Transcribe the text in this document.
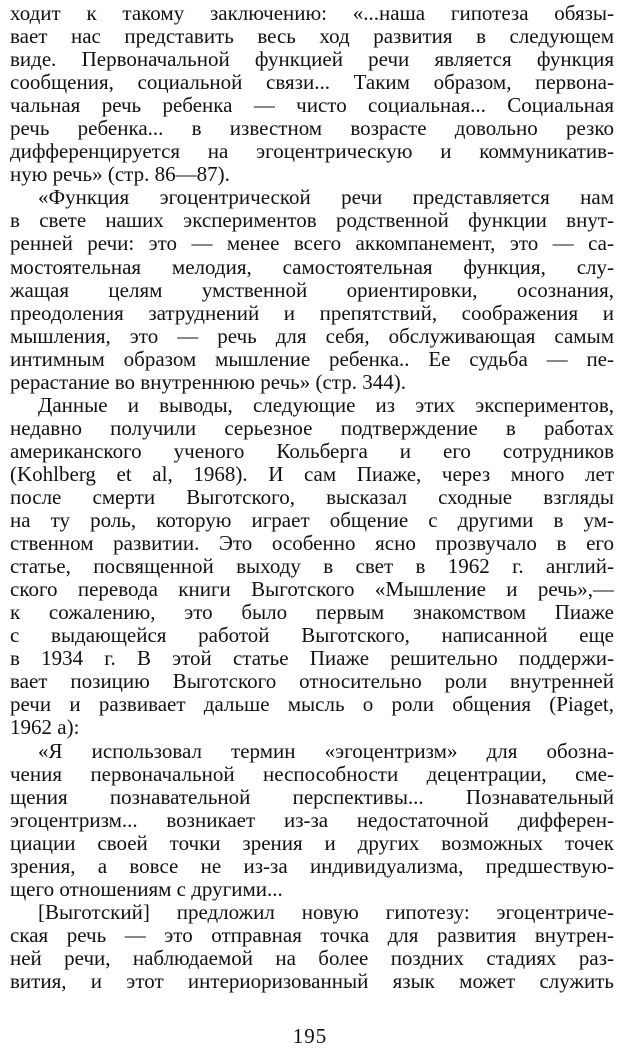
ходит к такому заключению: «...наша гипотеза обязы-
вает нас представить весь ход развития в следующем
виде. Первоначальной функцией речи является функция
сообщения, социальной связи... Таким образом, первона-
чальная речь ребенка — чисто социальная... Социальная
речь ребенка... в известном возрасте довольно резко
дифференцируется на эгоцентрическую и коммуникатив-
ную речь» (стр. 86—87).
«Функция эгоцентрической речи представляется нам
в свете наших экспериментов родственной функции внут-
ренней речи: это — менее всего аккомпанемент, это — са-
мостоятельная мелодия, самостоятельная функция, слу-
жащая целям умственной ориентировки, осознания,
преодоления затруднений и препятствий, соображения и
мышления, это — речь для себя, обслуживающая самым
интимным образом мышление ребенка.. Ее судьба — пе-
рерастание во внутреннюю речь» (стр. 344).
Данные и выводы, следующие из этих экспериментов,
недавно получили серьезное подтверждение в работах
американского ученого Кольберга и его сотрудников
(Kohlberg et al, 1968). И сам Пиаже, через много лет
после смерти Выготского, высказал сходные взгляды
на ту роль, которую играет общение с другими в ум-
ственном развитии. Это особенно ясно прозвучало в его
статье, посвященной выходу в свет в 1962 г. англий-
ского перевода книги Выготского «Мышление и речь»,—
к сожалению, это было первым знакомством Пиаже
с выдающейся работой Выготского, написанной еще
в 1934 г. В этой статье Пиаже решительно поддержи-
вает позицию Выготского относительно роли внутренней
речи и развивает дальше мысль о роли общения (Piaget,
1962 a):
«Я использовал термин «эгоцентризм» для обозна-
чения первоначальной неспособности децентрации, сме-
щения познавательной перспективы... Познавательный
эгоцентризм... возникает из-за недостаточной дифферен-
циации своей точки зрения и других возможных точек
зрения, а вовсе не из-за индивидуализма, предшествую-
щего отношениям с другими...
[Выготский] предложил новую гипотезу: эгоцентриче-
ская речь — это отправная точка для развития внутрен-
ней речи, наблюдаемой на более поздних стадиях раз-
вития, и этот интериоризованный язык может служить
195
